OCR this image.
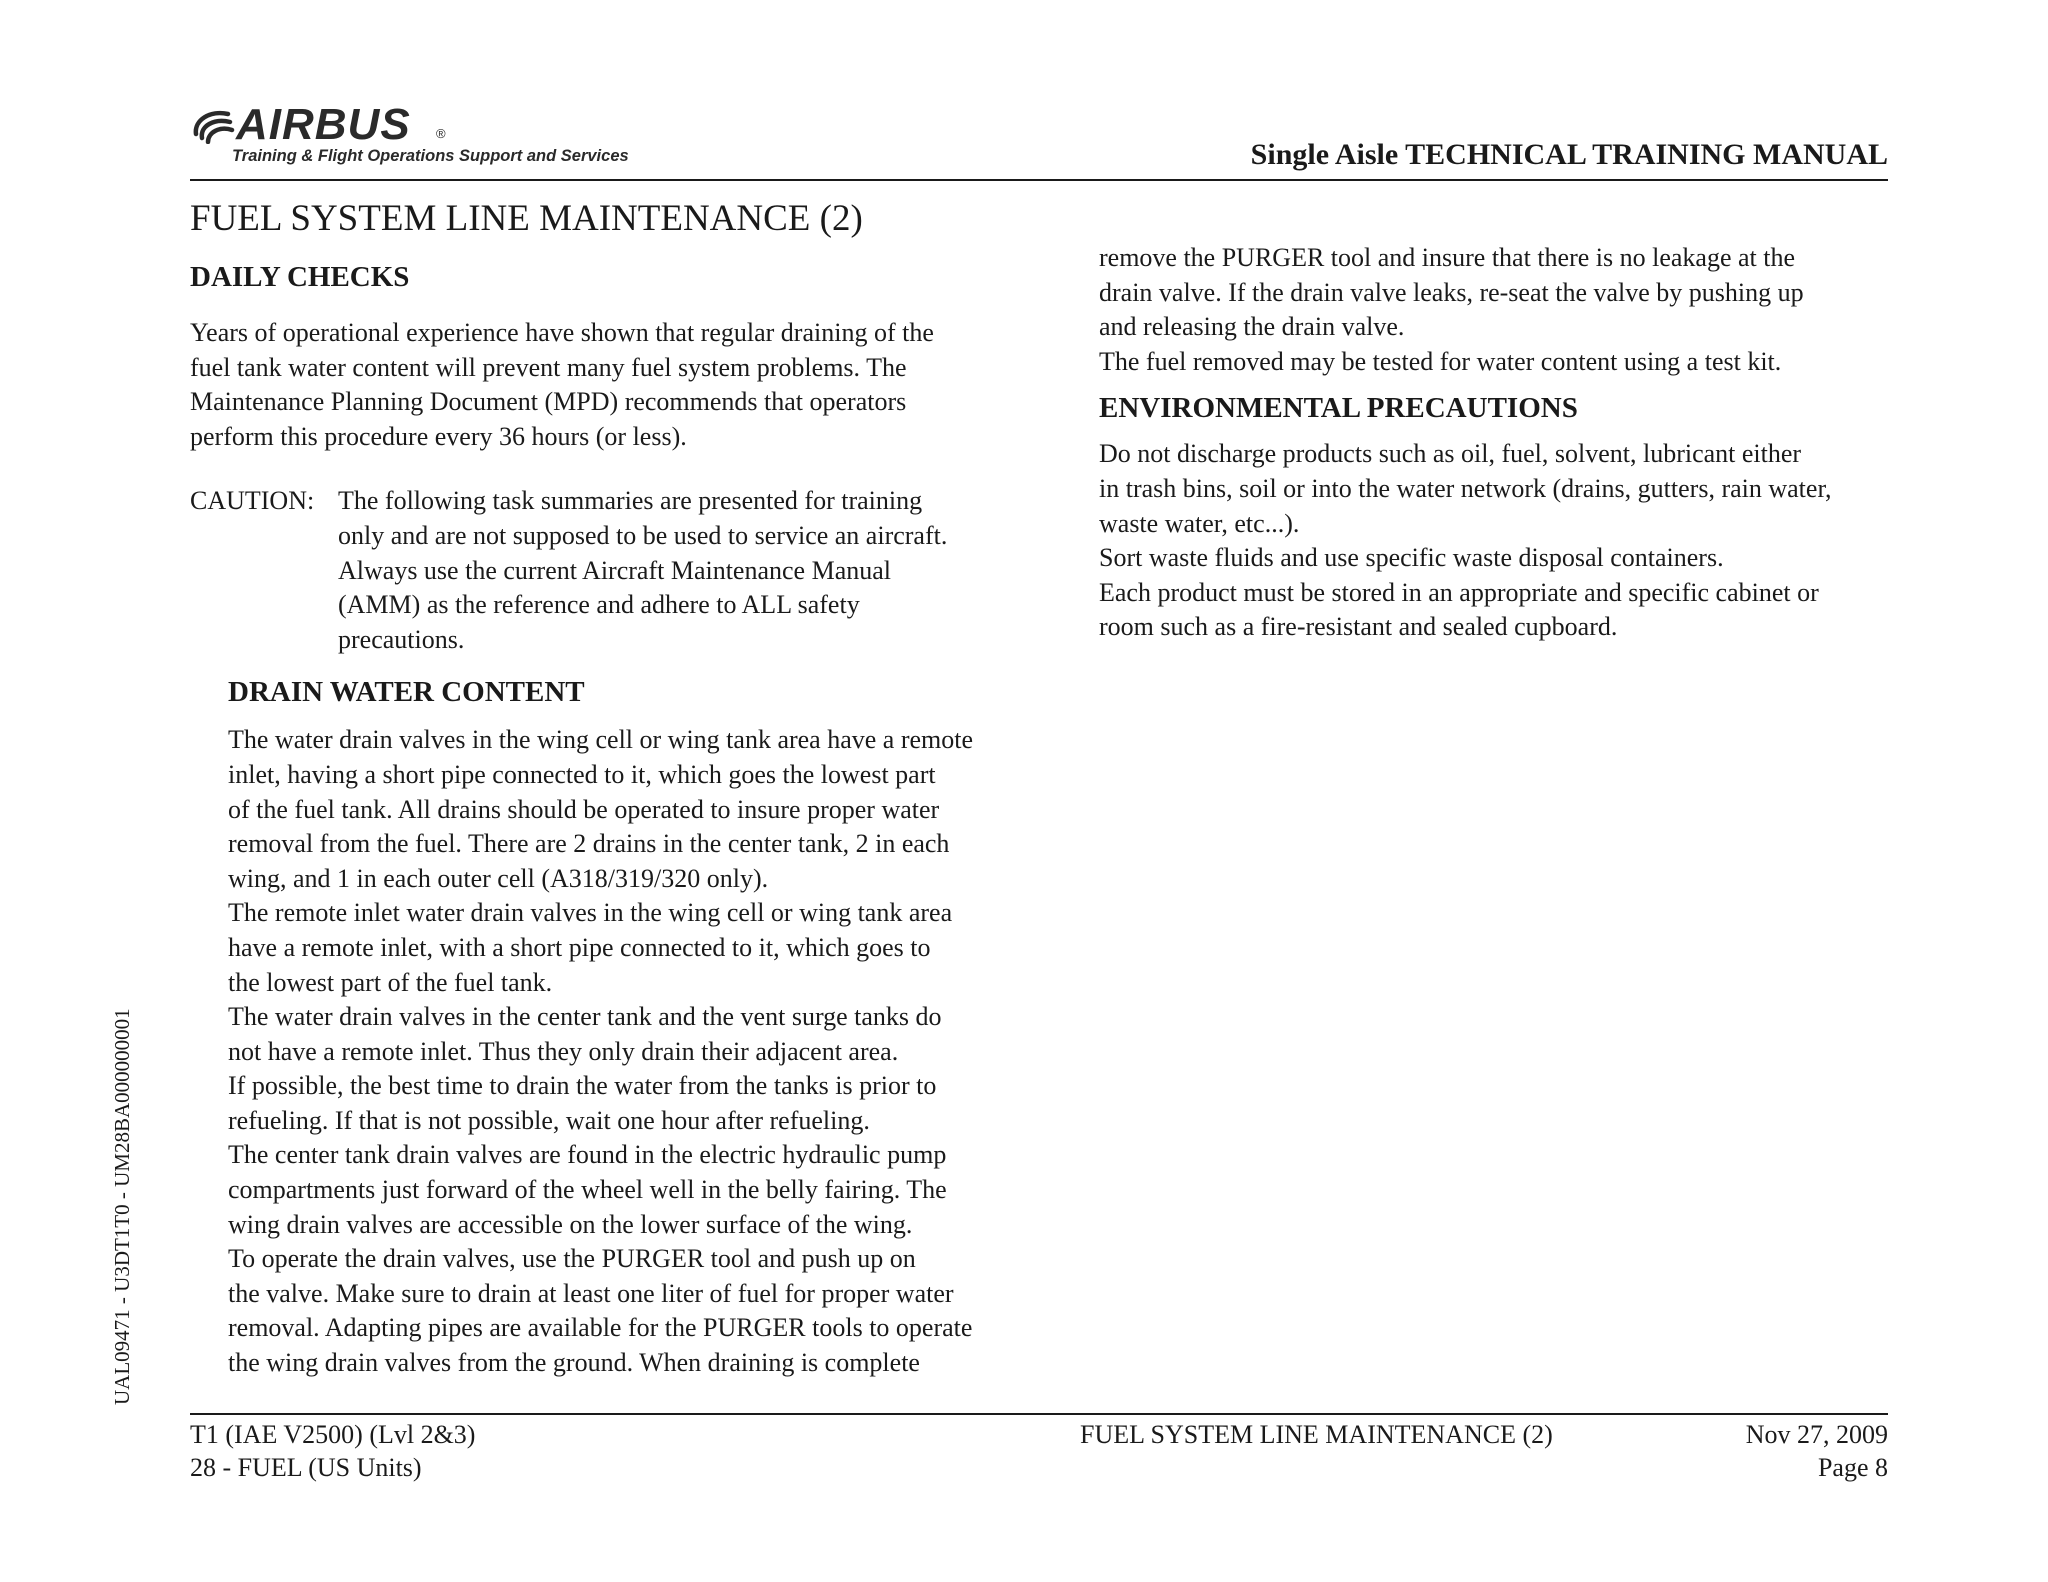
AIRBUS ®
Training & Flight Operations Support and Services	Single Aisle TECHNICAL TRAINING MANUAL
FUEL SYSTEM LINE MAINTENANCE (2)
DAILY CHECKS

Years of operational experience have shown that regular draining of the

fuel tank water content will prevent many fuel system problems. The

Maintenance Planning Document (MPD) recommends that operators

perform this procedure every 36 hours (or less).

CAUTION: The following task summaries are presented for training

only and are not supposed to be used to service an aircraft.

Always use the current Aircraft Maintenance Manual

(AMM) as the reference and adhere to ALL safety

precautions.

DRAIN WATER CONTENT

The water drain valves in the wing cell or wing tank area have a remote

inlet, having a short pipe connected to it, which goes the lowest part

of the fuel tank. All drains should be operated to insure proper water

removal from the fuel. There are 2 drains in the center tank, 2 in each

wing, and 1 in each outer cell (A318/319/320 only).

The remote inlet water drain valves in the wing cell or wing tank area

have a remote inlet, with a short pipe connected to it, which goes to

the lowest part of the fuel tank.

The water drain valves in the center tank and the vent surge tanks do

not have a remote inlet. Thus they only drain their adjacent area.

If possible, the best time to drain the water from the tanks is prior to

refueling. If that is not possible, wait one hour after refueling.

The center tank drain valves are found in the electric hydraulic pump

compartments just forward of the wheel well in the belly fairing. The

wing drain valves are accessible on the lower surface of the wing.

To operate the drain valves, use the PURGER tool and push up on

the valve. Make sure to drain at least one liter of fuel for proper water

removal. Adapting pipes are available for the PURGER tools to operate

the wing drain valves from the ground. When draining is complete

remove the PURGER tool and insure that there is no leakage at the

drain valve. If the drain valve leaks, re-seat the valve by pushing up

and releasing the drain valve.

The fuel removed may be tested for water content using a test kit.

ENVIRONMENTAL PRECAUTIONS

Do not discharge products such as oil, fuel, solvent, lubricant either

in trash bins, soil or into the water network (drains, gutters, rain water,

waste water, etc...).

Sort waste fluids and use specific waste disposal containers.

Each product must be stored in an appropriate and specific cabinet or

room such as a fire-resistant and sealed cupboard.

T1 (IAE V2500) (Lvl 2&3)
28 - FUEL (US Units)
FUEL SYSTEM LINE MAINTENANCE (2)	Nov 27, 2009
Page 8
UAL09471 - U3DT1T0 - UM28BA000000001
